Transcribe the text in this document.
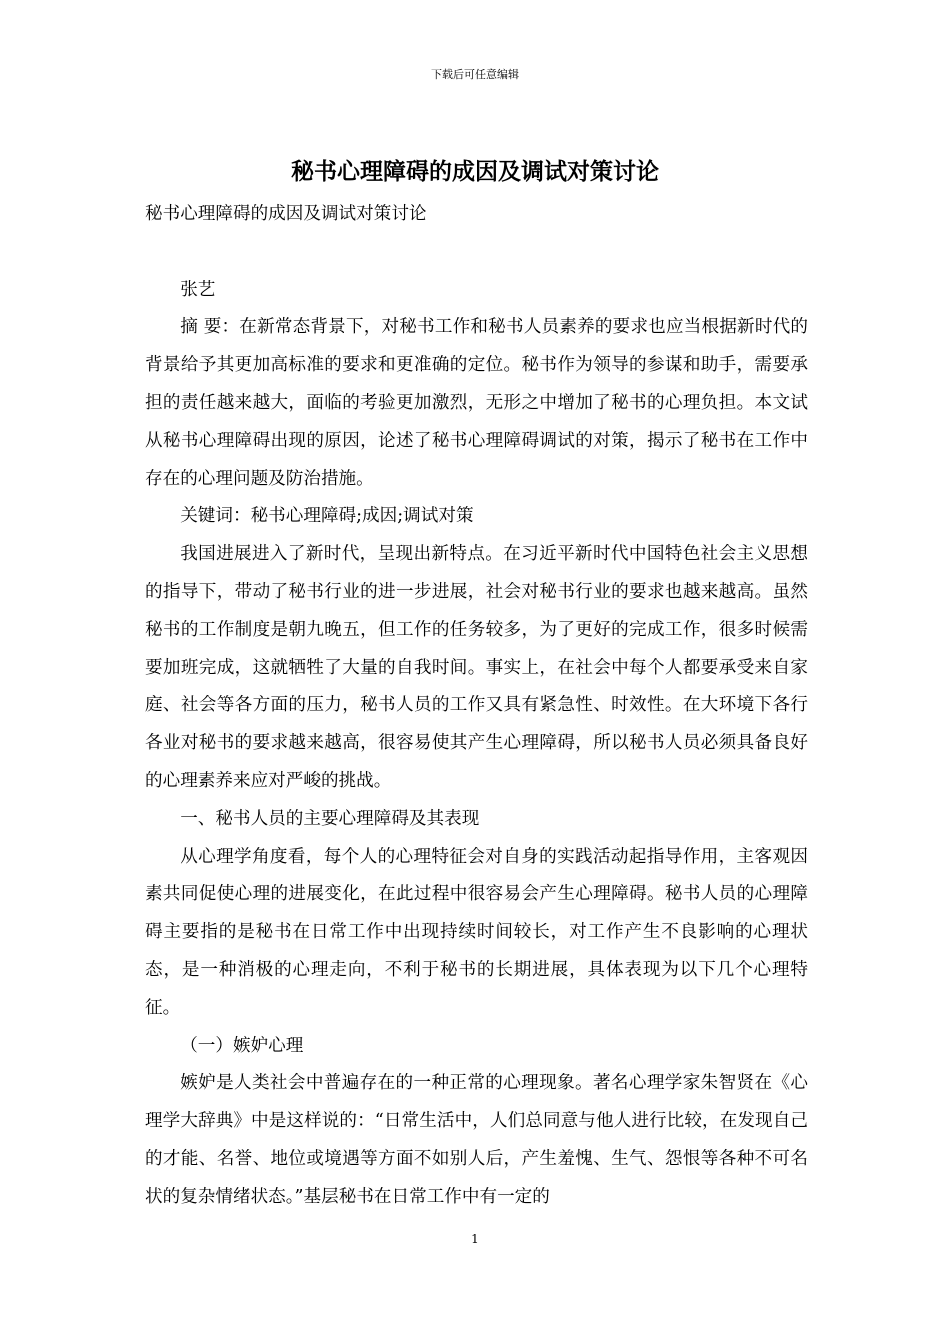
下载后可任意编辑
秘书心理障碍的成因及调试对策讨论

秘书心理障碍的成因及调试对策讨论

张艺

摘 要：在新常态背景下，对秘书工作和秘书人员素养的要求也应当根据新时代的背景给予其更加高标准的要求和更准确的定位。秘书作为领导的参谋和助手，需要承担的责任越来越大，面临的考验更加激烈，无形之中增加了秘书的心理负担。本文试从秘书心理障碍出现的原因，论述了秘书心理障碍调试的对策，揭示了秘书在工作中存在的心理问题及防治措施。

关键词：秘书心理障碍;成因;调试对策

我国进展进入了新时代，呈现出新特点。在习近平新时代中国特色社会主义思想的指导下，带动了秘书行业的进一步进展，社会对秘书行业的要求也越来越高。虽然秘书的工作制度是朝九晚五，但工作的任务较多，为了更好的完成工作，很多时候需要加班完成，这就牺牲了大量的自我时间。事实上，在社会中每个人都要承受来自家庭、社会等各方面的压力，秘书人员的工作又具有紧急性、时效性。在大环境下各行各业对秘书的要求越来越高，很容易使其产生心理障碍，所以秘书人员必须具备良好的心理素养来应对严峻的挑战。

一、秘书人员的主要心理障碍及其表现

从心理学角度看，每个人的心理特征会对自身的实践活动起指导作用，主客观因素共同促使心理的进展变化，在此过程中很容易会产生心理障碍。秘书人员的心理障碍主要指的是秘书在日常工作中出现持续时间较长，对工作产生不良影响的心理状态，是一种消极的心理走向，不利于秘书的长期进展，具体表现为以下几个心理特征。

（一）嫉妒心理

嫉妒是人类社会中普遍存在的一种正常的心理现象。著名心理学家朱智贤在《心理学大辞典》中是这样说的：“日常生活中，人们总同意与他人进行比较，在发现自己的才能、名誉、地位或境遇等方面不如别人后，产生羞愧、生气、怨恨等各种不可名状的复杂情绪状态。”基层秘书在日常工作中有一定的

1
